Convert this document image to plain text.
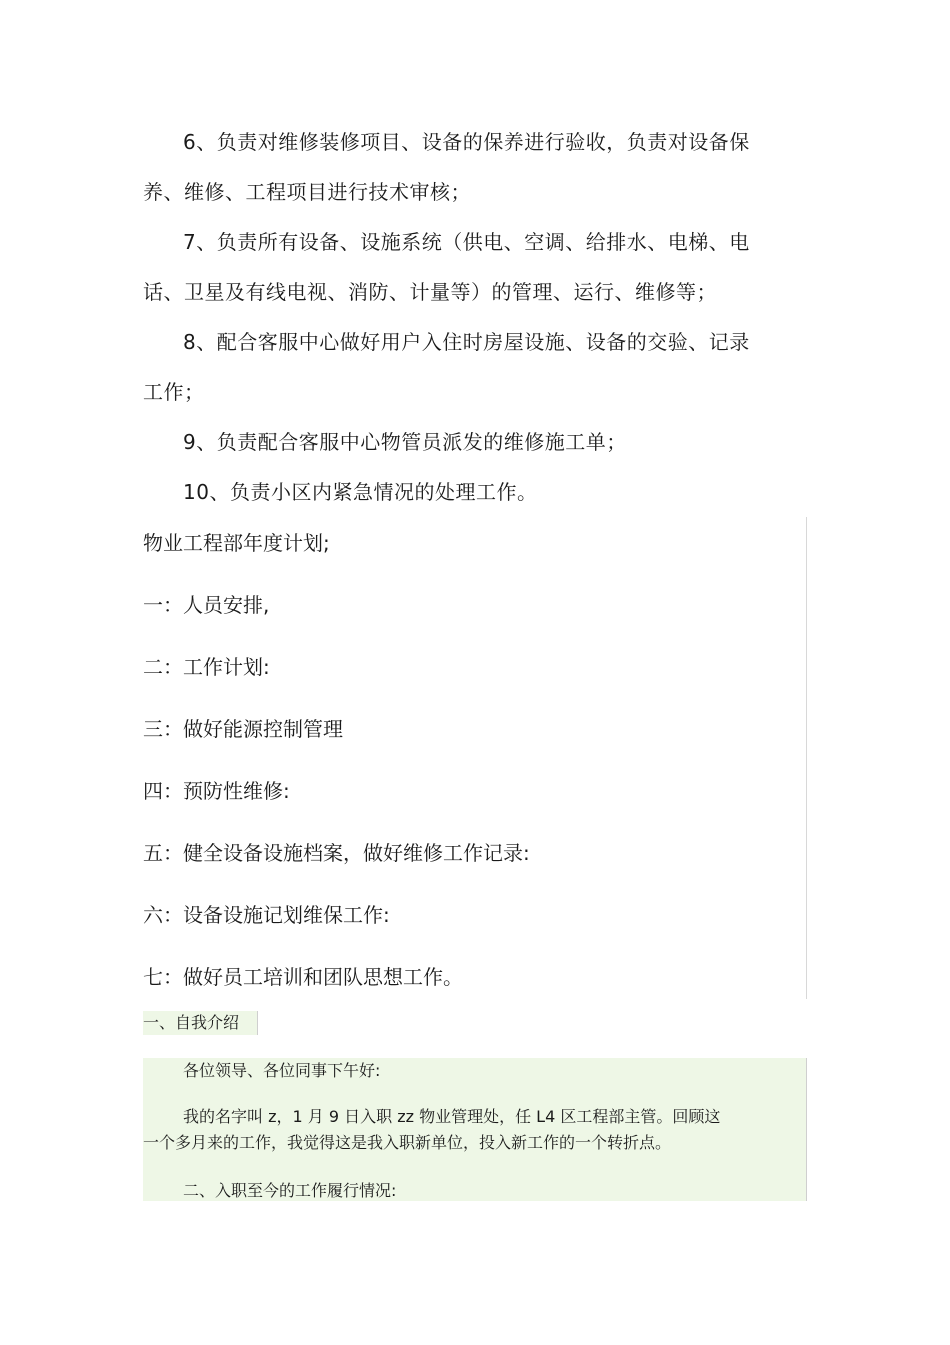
6、负责对维修装修项目、设备的保养进行验收，负责对设备保养、维修、工程项目进行技术审核；

7、负责所有设备、设施系统（供电、空调、给排水、电梯、电话、卫星及有线电视、消防、计量等）的管理、运行、维修等；

8、配合客服中心做好用户入住时房屋设施、设备的交验、记录工作；

9、负责配合客服中心物管员派发的维修施工单；

10、负责小区内紧急情况的处理工作。

物业工程部年度计划;

一：人员安排,

二：工作计划:

三：做好能源控制管理

四：预防性维修:

五：健全设备设施档案，做好维修工作记录:

六：设备设施记划维保工作:

七：做好员工培训和团队思想工作。

一、自我介绍

各位领导、各位同事下午好:

我的名字叫 z，1 月 9 日入职 zz 物业管理处，任 L4 区工程部主管。回顾这

一个多月来的工作，我觉得这是我入职新单位，投入新工作的一个转折点。

二、入职至今的工作履行情况:
